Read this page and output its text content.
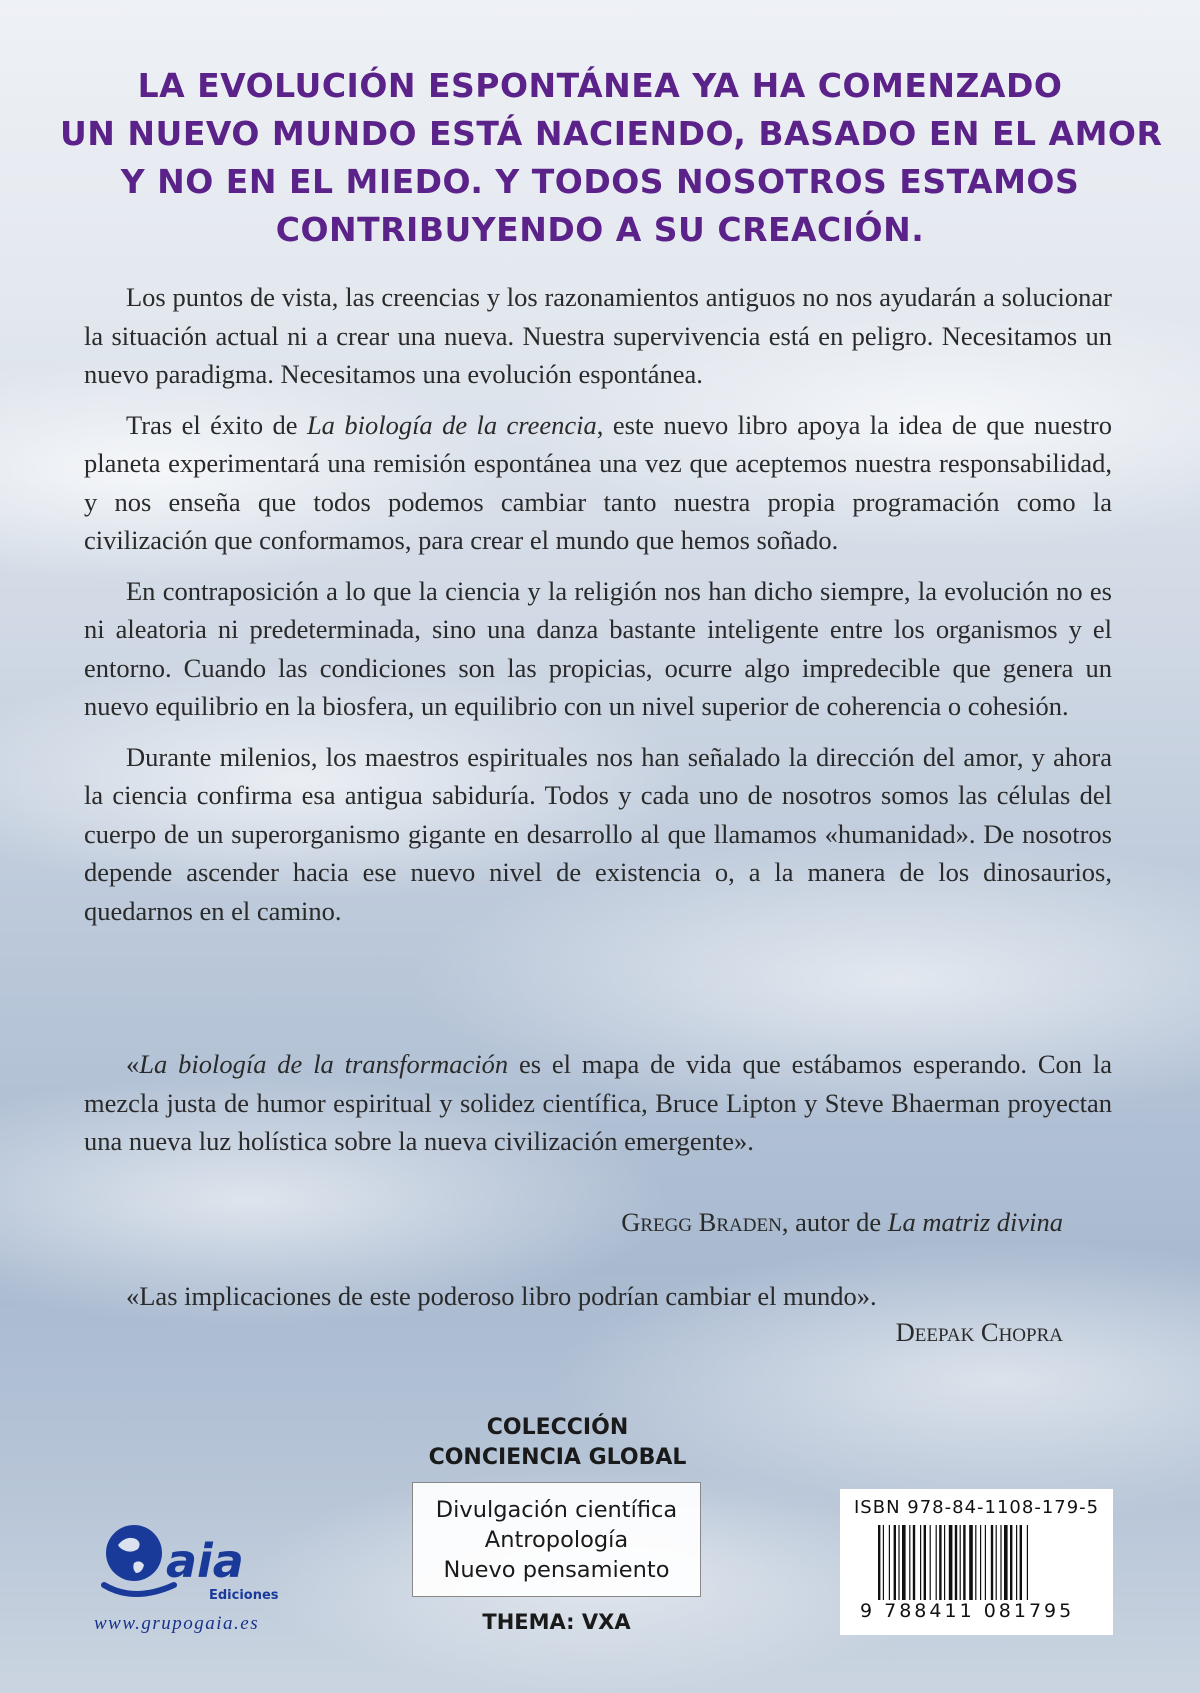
LA EVOLUCIÓN ESPONTÁNEA YA HA COMENZADO
UN NUEVO MUNDO ESTÁ NACIENDO, BASADO EN EL AMOR
Y NO EN EL MIEDO. Y TODOS NOSOTROS ESTAMOS
CONTRIBUYENDO A SU CREACIÓN.

Los puntos de vista, las creencias y los razonamientos antiguos no nos ayudarán a solucionar la situación actual ni a crear una nueva. Nuestra supervivencia está en peligro. Necesitamos un nuevo paradigma. Necesitamos una evolución espontánea.

Tras el éxito de La biología de la creencia, este nuevo libro apoya la idea de que nuestro planeta experimentará una remisión espontánea una vez que aceptemos nuestra responsabilidad, y nos enseña que todos podemos cambiar tanto nuestra propia programación como la civilización que conformamos, para crear el mundo que hemos soñado.

En contraposición a lo que la ciencia y la religión nos han dicho siempre, la evolución no es ni aleatoria ni predeterminada, sino una danza bastante inteligente entre los organismos y el entorno. Cuando las condiciones son las propicias, ocurre algo impredecible que genera un nuevo equilibrio en la biosfera, un equilibrio con un nivel superior de coherencia o cohesión.

Durante milenios, los maestros espirituales nos han señalado la dirección del amor, y ahora la ciencia confirma esa antigua sabiduría. Todos y cada uno de nosotros somos las células del cuerpo de un superorganismo gigante en desarrollo al que llamamos «humanidad». De nosotros depende ascender hacia ese nuevo nivel de existencia o, a la manera de los dinosaurios, quedarnos en el camino.

«La biología de la transformación es el mapa de vida que estábamos esperando. Con la mezcla justa de humor espiritual y solidez científica, Bruce Lipton y Steve Bhaerman proyectan una nueva luz holística sobre la nueva civilización emergente».

Gregg Braden, autor de La matriz divina
«Las implicaciones de este poderoso libro podrían cambiar el mundo».
Deepak Chopra
COLECCIÓN
CONCIENCIA GLOBAL
Divulgación científica
Antropología
Nuevo pensamiento
THEMA: VXA
ISBN 978-84-1108-179-5
9 788411 081795
aia
Ediciones
www.grupogaia.es
